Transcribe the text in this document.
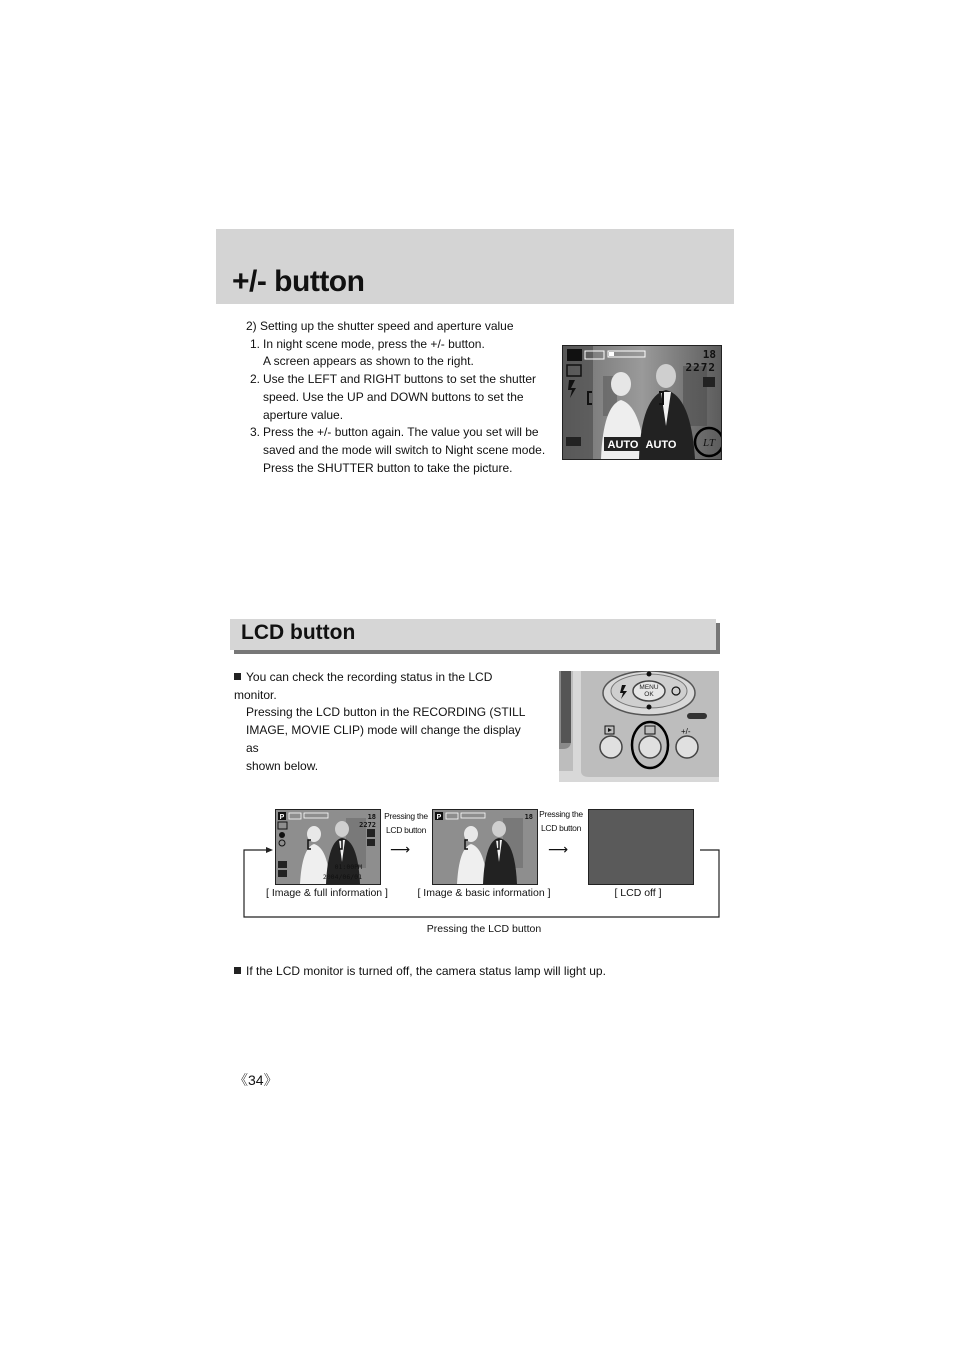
+/- button

2) Setting up the shutter speed and aperture value

1. In night scene mode, press the +/- button.
A screen appears as shown to the right.
2. Use the LEFT and RIGHT buttons to set the shutter
speed. Use the UP and DOWN buttons to set the
aperture value.
3. Press the +/- button again. The value you set will be
saved and the mode will switch to Night scene mode.
Press the SHUTTER button to take the picture.
18
2272
AUTO AUTO LT
LCD button
You can check the recording status in the LCD monitor.
Pressing the LCD button in the RECORDING (STILL
IMAGE, MOVIE CLIP) mode will change the display as
shown below.
MENU
OK
+/-
P	18
2272
01:00PM
2004/06/01
Pressing the
LCD button
⟶
P	18 Pressing the
LCD button
⟶
[ Image & full information ]	[ Image & basic information ]	[ LCD off ]
Pressing the LCD button
If the LCD monitor is turned off, the camera status lamp will light up.
《34》
